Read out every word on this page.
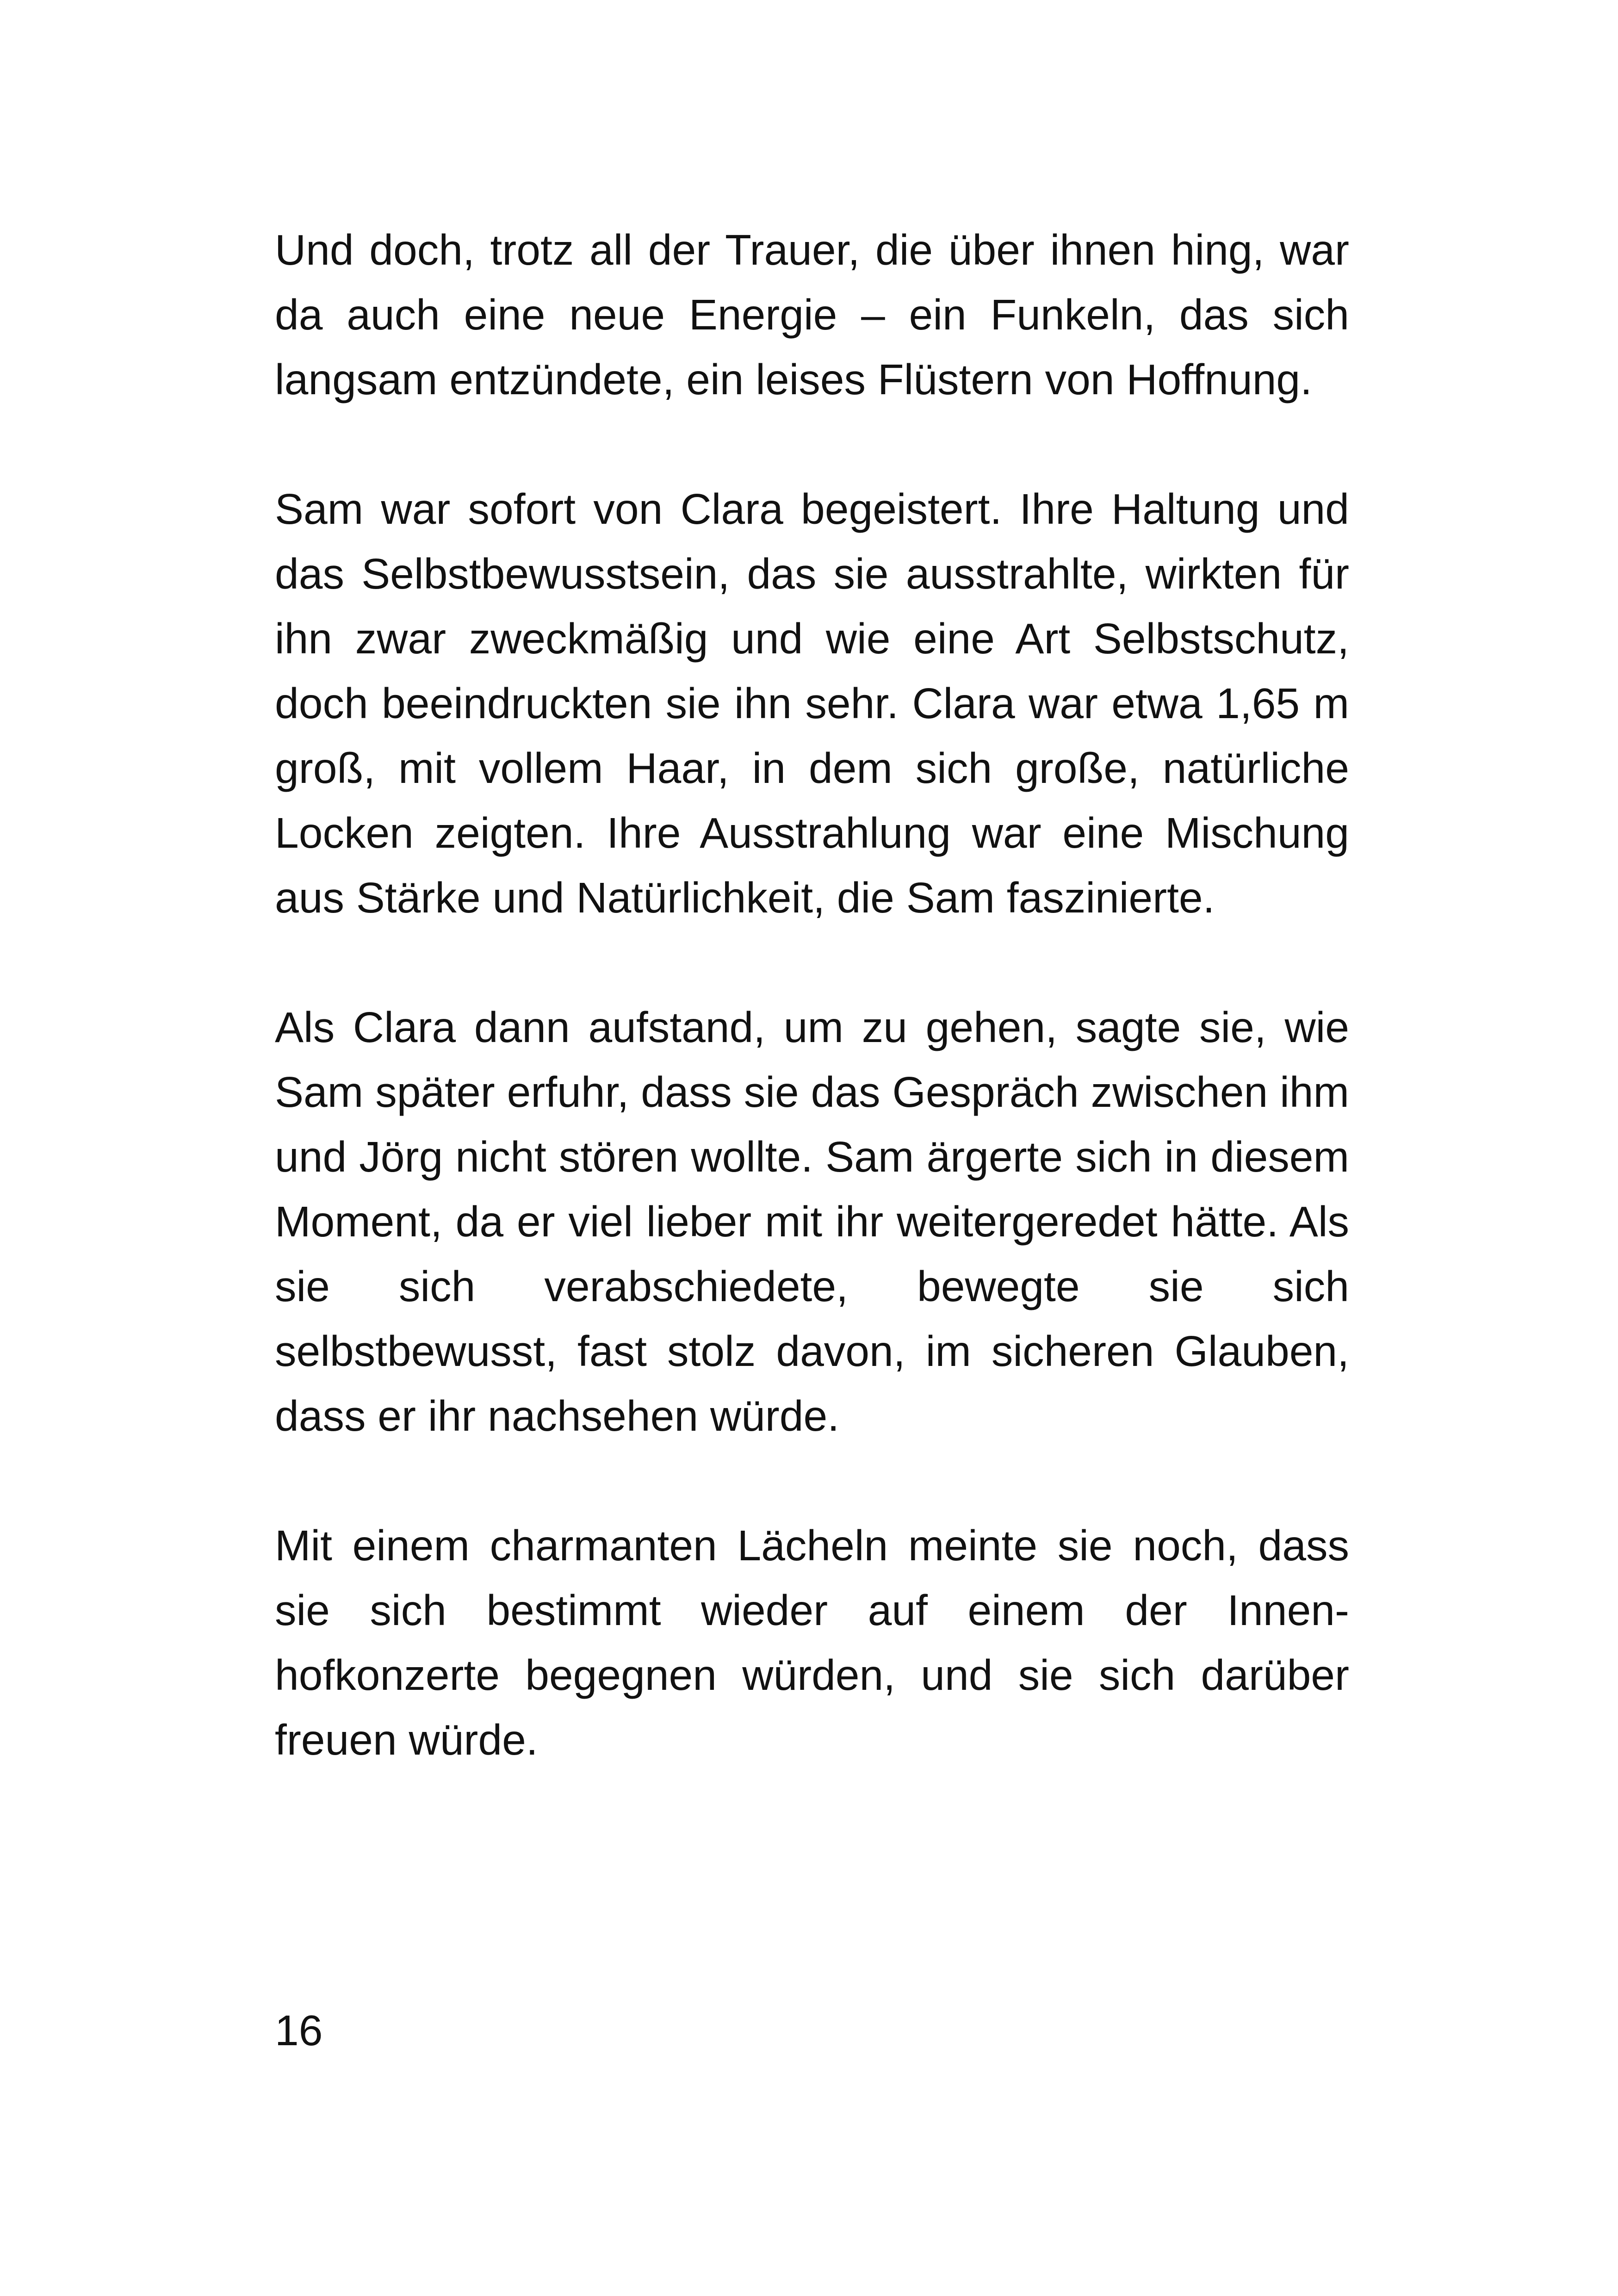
Und doch, trotz all der Trauer, die über ihnen hing, war da auch eine neue Energie – ein Funkeln, das sich langsam entzündete, ein leises Flüstern von Hoffnung.

Sam war sofort von Clara begeistert. Ihre Haltung und das Selbstbewusstsein, das sie ausstrahlte, wirkten für ihn zwar zweckmäßig und wie eine Art Selbstschutz, doch beeindruckten sie ihn sehr. Clara war etwa 1,65 m groß, mit vollem Haar, in dem sich große, natürliche Locken zeigten. Ihre Ausstrahlung war eine Mischung aus Stärke und Natürlichkeit, die Sam faszinierte.

Als Clara dann aufstand, um zu gehen, sagte sie, wie Sam später erfuhr, dass sie das Gespräch zwischen ihm und Jörg nicht stören wollte. Sam ärgerte sich in diesem Moment, da er viel lieber mit ihr weitergeredet hätte. Als sie sich verabschiedete, bewegte sie sich selbstbewusst, fast stolz davon, im sicheren Glauben, dass er ihr nachsehen würde.

Mit einem charmanten Lächeln meinte sie noch, dass sie sich bestimmt wieder auf einem der Innenhofkonzerte begegnen würden, und sie sich darüber freuen würde.

16
